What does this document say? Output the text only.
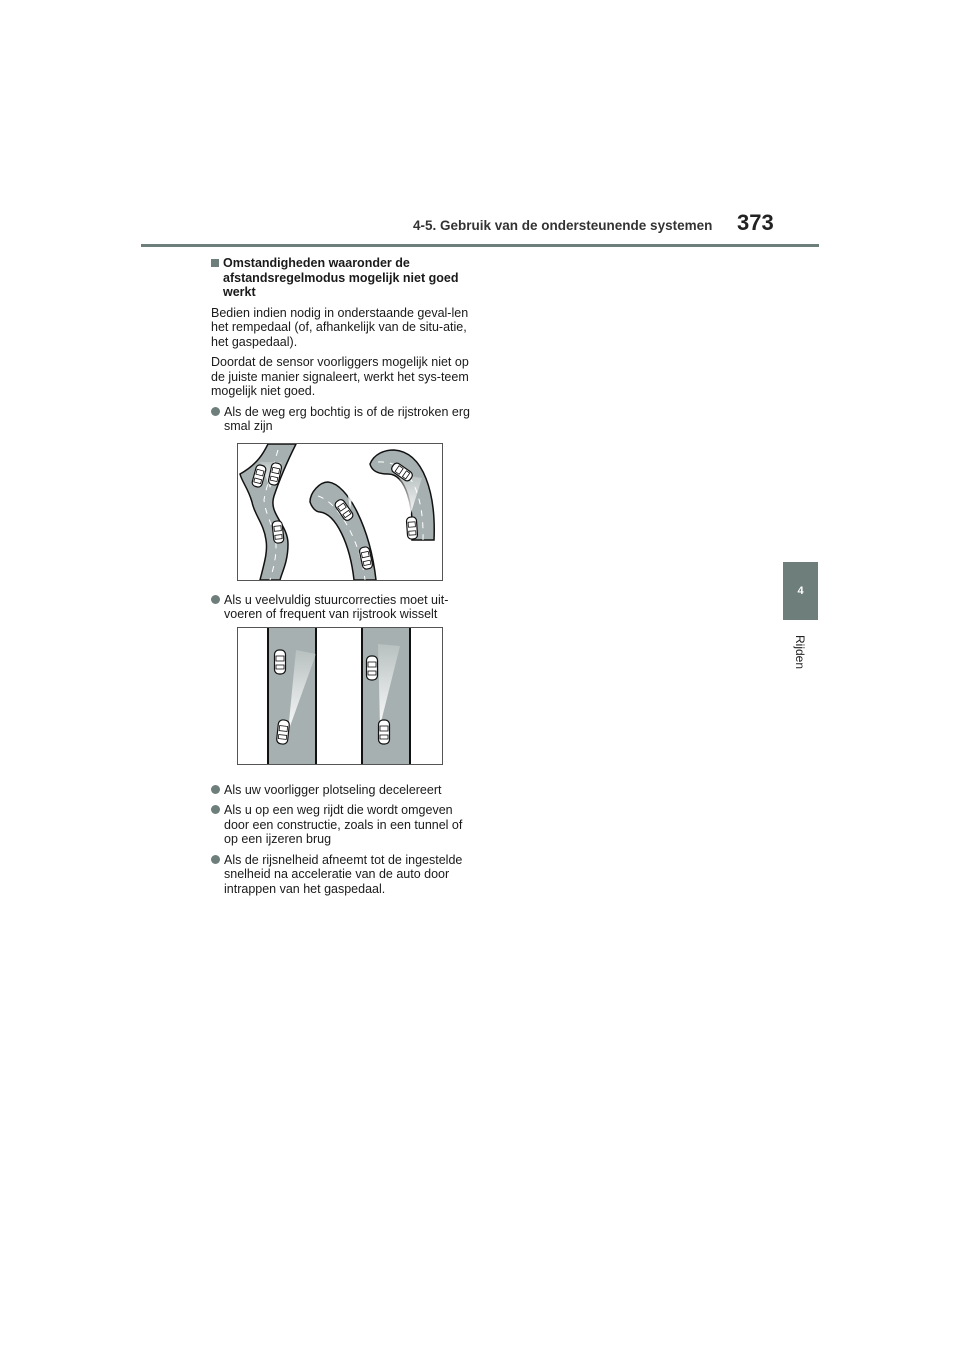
4-5. Gebruik van de ondersteunende systemen 373
4
Rijden
Omstandigheden waaronder de afstandsregelmodus mogelijk niet goed werkt

Bedien indien nodig in onderstaande geval-len het rempedaal (of, afhankelijk van de situ-atie, het gaspedaal).

Doordat de sensor voorliggers mogelijk niet op de juiste manier signaleert, werkt het sys-teem mogelijk niet goed.

Als de weg erg bochtig is of de rijstroken erg smal zijn
Als u veelvuldig stuurcorrecties moet uit-voeren of frequent van rijstrook wisselt
Als uw voorligger plotseling decelereert
Als u op een weg rijdt die wordt omgeven door een constructie, zoals in een tunnel of op een ijzeren brug
Als de rijsnelheid afneemt tot de ingestelde snelheid na acceleratie van de auto door intrappen van het gaspedaal.
